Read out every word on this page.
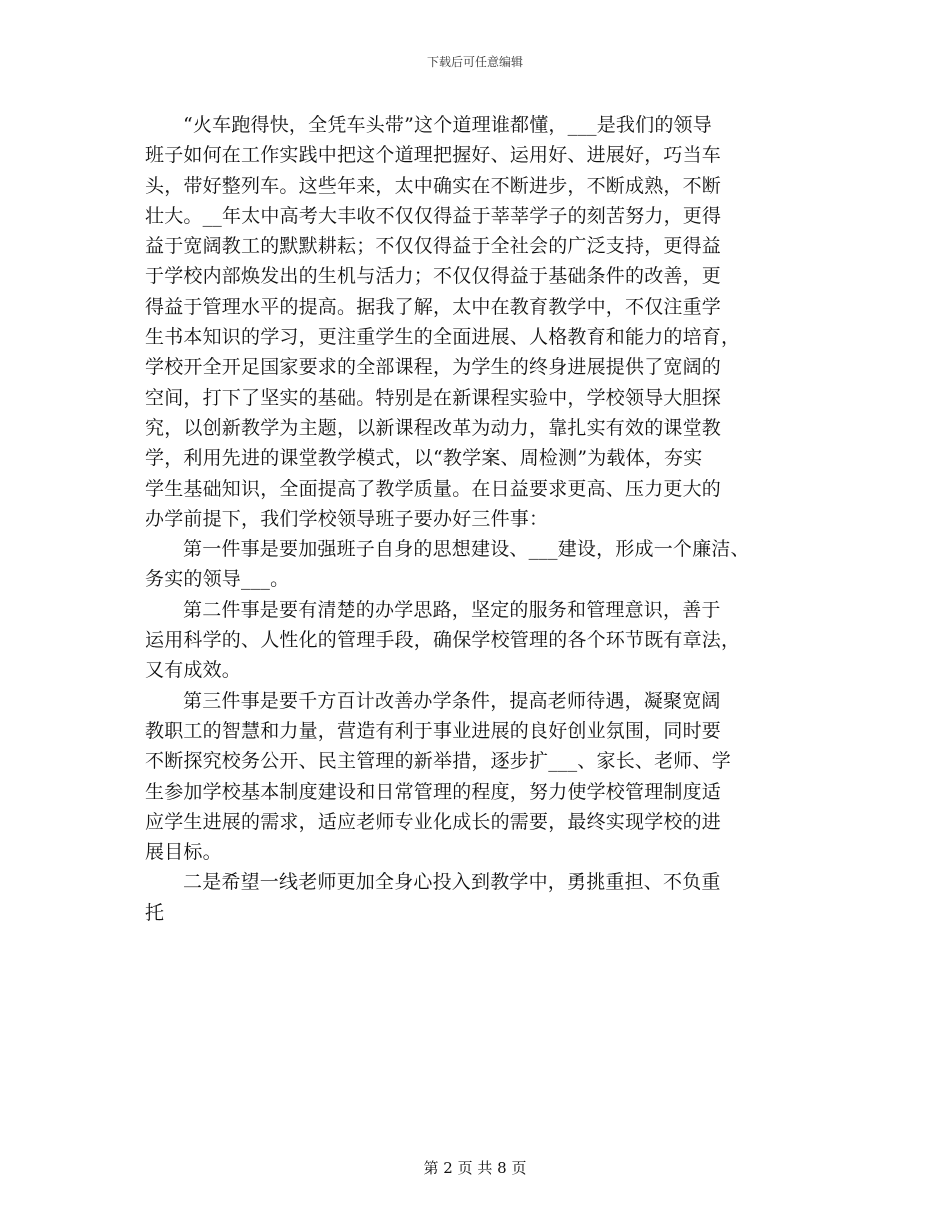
下载后可任意编辑

“火车跑得快，全凭车头带”这个道理谁都懂，___是我们的领导
班子如何在工作实践中把这个道理把握好、运用好、进展好，巧当车
头，带好整列车。这些年来，太中确实在不断进步，不断成熟，不断
壮大。__年太中高考大丰收不仅仅得益于莘莘学子的刻苦努力，更得
益于宽阔教工的默默耕耘；不仅仅得益于全社会的广泛支持，更得益
于学校内部焕发出的生机与活力；不仅仅得益于基础条件的改善，更
得益于管理水平的提高。据我了解，太中在教育教学中，不仅注重学
生书本知识的学习，更注重学生的全面进展、人格教育和能力的培育，
学校开全开足国家要求的全部课程，为学生的终身进展提供了宽阔的
空间，打下了坚实的基础。特别是在新课程实验中，学校领导大胆探
究，以创新教学为主题，以新课程改革为动力，靠扎实有效的课堂教
学，利用先进的课堂教学模式，以“教学案、周检测”为载体，夯实
学生基础知识，全面提高了教学质量。在日益要求更高、压力更大的
办学前提下，我们学校领导班子要办好三件事：

第一件事是要加强班子自身的思想建设、___建设，形成一个廉洁、
务实的领导___。

第二件事是要有清楚的办学思路，坚定的服务和管理意识，善于
运用科学的、人性化的管理手段，确保学校管理的各个环节既有章法，
又有成效。

第三件事是要千方百计改善办学条件，提高老师待遇，凝聚宽阔
教职工的智慧和力量，营造有利于事业进展的良好创业氛围，同时要
不断探究校务公开、民主管理的新举措，逐步扩___、家长、老师、学
生参加学校基本制度建设和日常管理的程度，努力使学校管理制度适
应学生进展的需求，适应老师专业化成长的需要，最终实现学校的进
展目标。

二是希望一线老师更加全身心投入到教学中，勇挑重担、不负重
托

第 2 页 共 8 页
